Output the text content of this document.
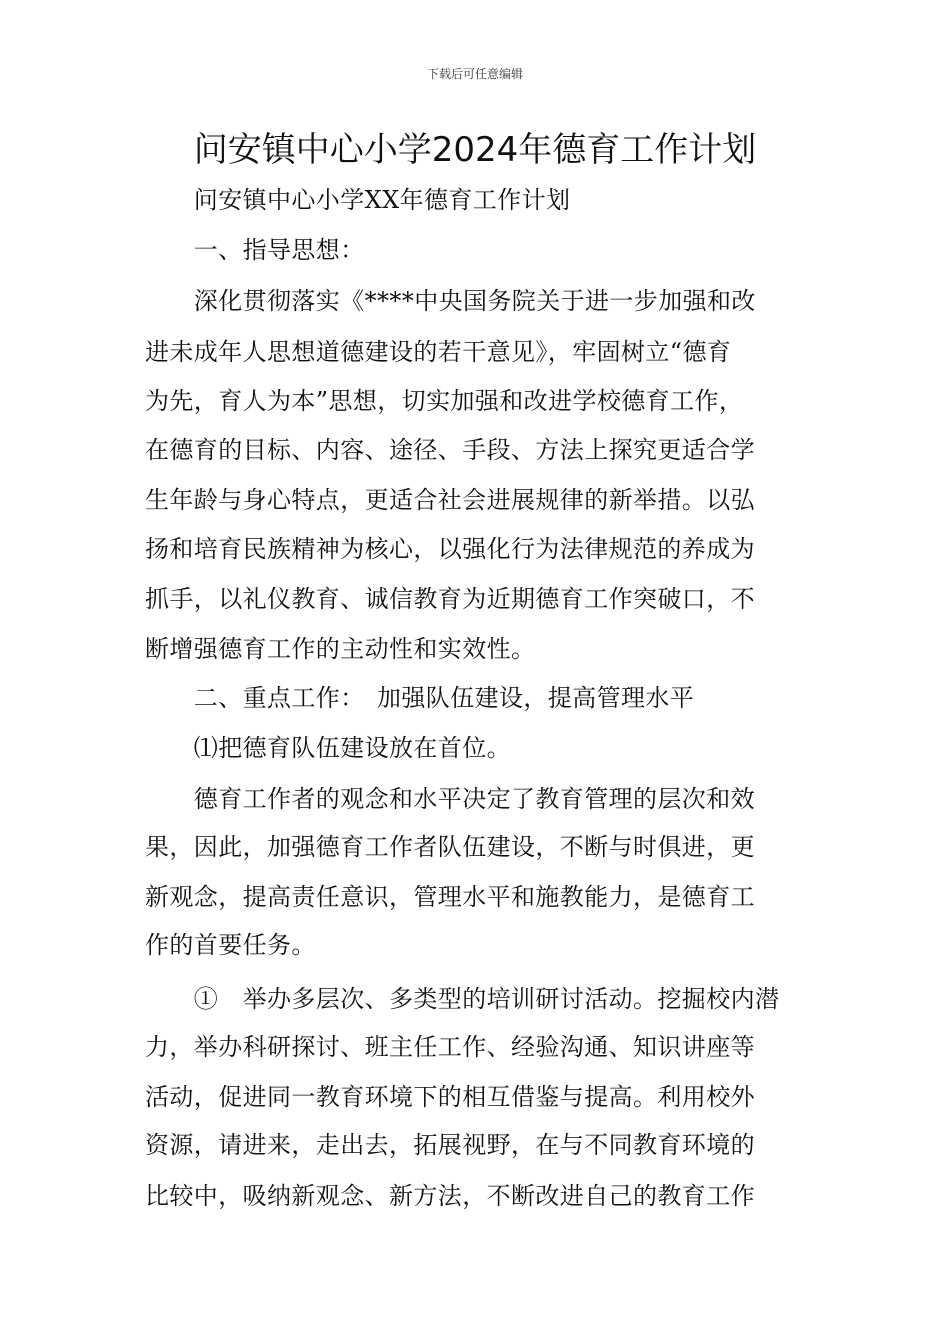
下载后可任意编辑
问安镇中心小学2024年德育工作计划
　　问安镇中心小学XX年德育工作计划
　　一、指导思想：
　　深化贯彻落实《****中央国务院关于进一步加强和改
进未成年人思想道德建设的若干意见》，牢固树立“德育
为先，育人为本”思想，切实加强和改进学校德育工作，
在德育的目标、内容、途径、手段、方法上探究更适合学
生年龄与身心特点，更适合社会进展规律的新举措。以弘
扬和培育民族精神为核心，以强化行为法律规范的养成为
抓手，以礼仪教育、诚信教育为近期德育工作突破口，不
断增强德育工作的主动性和实效性。
　　二、重点工作：　加强队伍建设，提高管理水平
　　⑴把德育队伍建设放在首位。
　　德育工作者的观念和水平决定了教育管理的层次和效
果，因此，加强德育工作者队伍建设，不断与时俱进，更
新观念，提高责任意识，管理水平和施教能力，是德育工
作的首要任务。
　　①　举办多层次、多类型的培训研讨活动。挖掘校内潜
力，举办科研探讨、班主任工作、经验沟通、知识讲座等
活动，促进同一教育环境下的相互借鉴与提高。利用校外
资源，请进来，走出去，拓展视野，在与不同教育环境的
比较中，吸纳新观念、新方法，不断改进自己的教育工作
